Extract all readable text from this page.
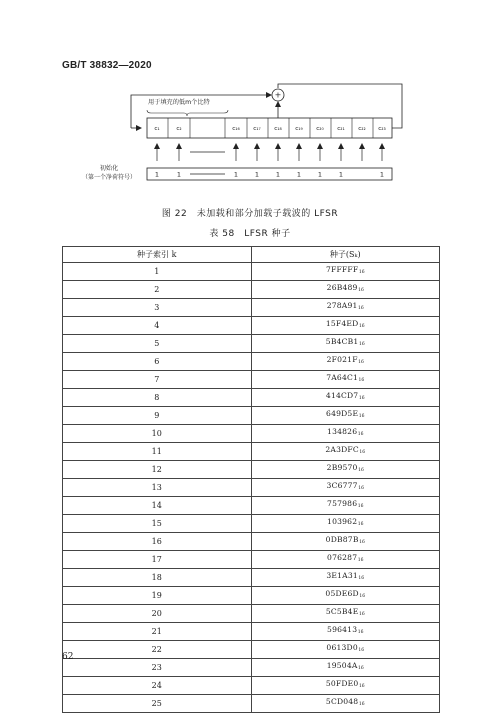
GB/T 38832—2020
+
用于填充的低m个比特
c₁	c₂	c₁₆ c₁₇ c₁₈ c₁₉ c₂₀ c₂₁ c₂₂ c₂₃
初始化
（第一个净荷符号）	1	1	1	1	1	1	1	1	1
图 22　未加载和部分加载子载波的 LFSR
表 58　LFSR 种子
种子索引 k	种子(Sₖ)
1	$7FFFFF_{16}$
2	$26B489_{16}$
3	$278A91_{16}$
4	$15F4ED_{16}$
5	$5B4CB1_{16}$
6	$2F021F_{16}$
7	$7A64C1_{16}$
8	$414CD7_{16}$
9	$649D5E_{16}$
10	$134826_{16}$
11	$2A3DFC_{16}$
12	$2B9570_{16}$
13	$3C6777_{16}$
14	$757986_{16}$
15	$103962_{16}$
16	$0DB87B_{16}$
17	$076287_{16}$
18	$3E1A31_{16}$
19	$05DE6D_{16}$
20	$5C5B4E_{16}$
21	$596413_{16}$
22	$0613D0_{16}$
23	$19504A_{16}$
24	$50FDE0_{16}$
25	$5CD048_{16}$
62
